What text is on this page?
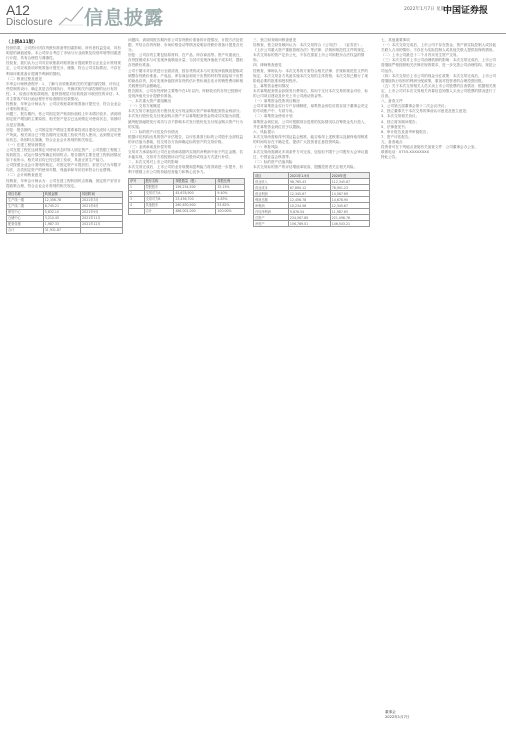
A12
Disclosure 信息披露	2022年1月7日 星期五
中国证券报

（上接A11版）

经营结果，公司预计因存货跌价准备等因素影响，所有者权益变动，具有明显的减值迹象。本公司综合考虑了市场与行业政策及经营环境等因素进行计提，具有合理性与谨慎性。

经检查，我们认为公司对应收账款坏账准备计提政策符合企业会计准则规定，公司应收款项坏账准备计提充分、谨慎，符合公司实际情况，不存在利用坏账准备计提调节利润的情形。

（二）核查过程及意见

年审会计师核查程序：1、了解与应收账款相关的关键内部控制，评价这些控制的设计，确定其是否得到执行，并测试相关内部控制的运行有效性；2、检查应收账款明细，复核管理层对应收账款可收回性的评估；3、对主要客户执行函证程序并检查期后回款情况。

经核查，年审会计师认为：公司应收账款坏账准备计提充分，符合企业会计准则的规定。

问题三、报告期内，你公司固定资产账面价值较上年末增长较多，请说明固定资产增加的主要原因，相关资产是否已达到预定可使用状态，转固时点是否准确。

回复：报告期内，公司固定资产增加主要系募投项目建设完成转入固定资产所致。相关项目已于报告期内完成竣工验收并投入使用，达到预定可使用状态，转固时点准确，符合企业会计准则的相关规定。

（一）在建工程转固情况

公司在建工程在达到预定可使用状态时转入固定资产，公司依据工程竣工验收报告、试运行情况等确定转固时点。报告期内主要在建工程转固情况如下表所示，相关项目均已经过竣工验收，具备正常生产能力。

公司按照企业会计准则的规定，对固定资产计提折旧，折旧方法为年限平均法，各类固定资产的使用年限、残值率和年折旧率符合行业惯例。

（二）会计师核查意见

经核查，年审会计师认为：公司在建工程转固时点准确，固定资产折旧计提政策合理，符合企业会计准则的相关规定。

项目名称	转固金额	转固时间
生产线一期	12,356.78	2021年3月
生产线二期	8,745.21	2021年6月
研发中心	5,632.10	2021年9月
仓储中心	3,210.45	2021年11月
配套设施	1,987.33	2021年12月
合计	31,931.87	

问题四、请说明报告期内你公司存货跌价准备的计提情况，计提方法及依据，并结合存货库龄、市场价格变动等情况说明存货跌价准备计提是否充分。

回复：公司存货主要包括原材料、在产品、库存商品等。资产负债表日，存货按照成本与可变现净值孰低计量，当其可变现净值低于成本时，提取存货跌价准备。

公司于期末对存货进行全面清查，按存货的成本与可变现净值孰低提取或调整存货跌价准备。产成品、库存商品和用于出售的材料等直接用于出售的商品存货，其可变现净值按该存货的估计售价减去估计的销售费用和相关税费后的金额确定。

报告期末，公司存货库龄主要集中在1年以内，库龄较长的存货已按照可变现净值充分计提跌价准备。

一、本次重大资产重组概况

（一）交易方案概述

本次交易方案包括发行股份及支付现金购买资产和募集配套资金两部分。本次发行股份及支付现金购买资产不以募集配套资金的成功实施为前提，最终配套融资发行成功与否不影响本次发行股份及支付现金购买资产行为的实施。

（二）标的资产评估及作价情况

根据评估机构出具的资产评估报告，以评估基准日标的公司股东全部权益的评估值为基础，经交易各方协商确定标的资产的交易价格。

（三）业绩承诺及补偿安排

交易对方承诺标的公司在业绩承诺期内实现的净利润不低于约定金额，若未能实现，交易对方将按照协议约定以股份或现金方式进行补偿。

二、本次交易对上市公司的影响

本次交易完成后，上市公司的业务规模和盈利能力将得到进一步提升，有利于增强上市公司的持续经营能力和核心竞争力。

序号	股东名称	持股数量（股）	持股比例
1	控股股东	156,234,500	32.15%
2	交易对方A	45,678,900	9.40%
3	交易对方B	23,456,700	4.83%
4	其他股东	260,630,900	53.62%
	合计	486,001,000	100.00%

三、独立财务顾问核查意见

经核查，独立财务顾问认为：本次交易符合《公司法》、《证券法》、《上市公司重大资产重组管理办法》等法律、法规和规范性文件的规定，本次交易标的资产定价公允，不存在损害上市公司和股东合法权益的情形。

四、律师核查意见

经核查，律师认为：本次交易的方案符合相关法律、法规和规范性文件的规定；本次交易各方具备实施本次交易的主体资格；本次交易已履行了现阶段必要的批准和授权程序。

五、募集资金使用情况

本次募集配套资金扣除发行费用后，拟用于支付本次交易的现金对价、标的公司项目建设及补充上市公司流动资金等。

（一）募集资金投资项目概况

公司对募集资金实行专户存储制度，募集资金到位后将存放于董事会决定的专项账户中，专款专用。

（二）募集资金使用计划

募集资金到位前，公司可根据项目进度的实际情况以自筹资金先行投入，并在募集资金到位后予以置换。

六、风险提示

本次交易尚需取得中国证监会核准，能否取得上述核准以及最终取得核准的时间均存在不确定性，提请广大投资者注意投资风险。

（一）审批风险

本次交易尚需满足多项条件方可完成，包括但不限于公司股东大会审议通过、中国证监会核准等。

（二）标的资产估值风险

本次交易标的资产的评估增值率较高，提醒投资者关注相关风险。

项目	2021年1-9月	2020年度
营业收入	98,765.43	112,345.67
营业成本	67,890.12	78,901.23
营业利润	12,345.67	14,567.89
利润总额	12,456.78	14,678.90
净利润	10,234.56	12,345.67
归母净利润	9,876.54	11,987.65
总资产	234,567.89	221,098.76
净资产	156,789.01	146,543.21

七、其他重要事项

（一）本次交易完成后，上市公司不存在资金、资产被实际控制人或其他关联人占用的情形，不存在为实际控制人或其他关联人提供担保的情形。

（二）上市公司最近十二个月内未发生资产交易。

（三）本次交易对上市公司治理机制的影响：本次交易完成后，上市公司将继续严格按照相关法律法规的要求，进一步完善公司治理结构，规范公司运作。

（四）本次交易后上市公司的现金分红政策：本次交易完成后，上市公司将继续执行现有的利润分配政策，重视对投资者的合理投资回报。

（五）关于本次交易相关人员买卖上市公司股票的自查情况：根据相关规定，上市公司对本次交易相关内幕信息知情人买卖公司股票的情况进行了自查。

八、备查文件

1、公司第五届董事会第十二次会议决议；

2、独立董事关于本次交易的事前认可意见及独立意见；

3、本次交易相关协议；

4、独立财务顾问报告；

5、法律意见书；

6、审计报告及备考审阅报告；

7、资产评估报告。

九、备查地点

投资者可在下列地点查阅有关备查文件：公司董事会办公室。

联系电话：0755-XXXXXXXX

特此公告。

董事会

2022年1月7日
